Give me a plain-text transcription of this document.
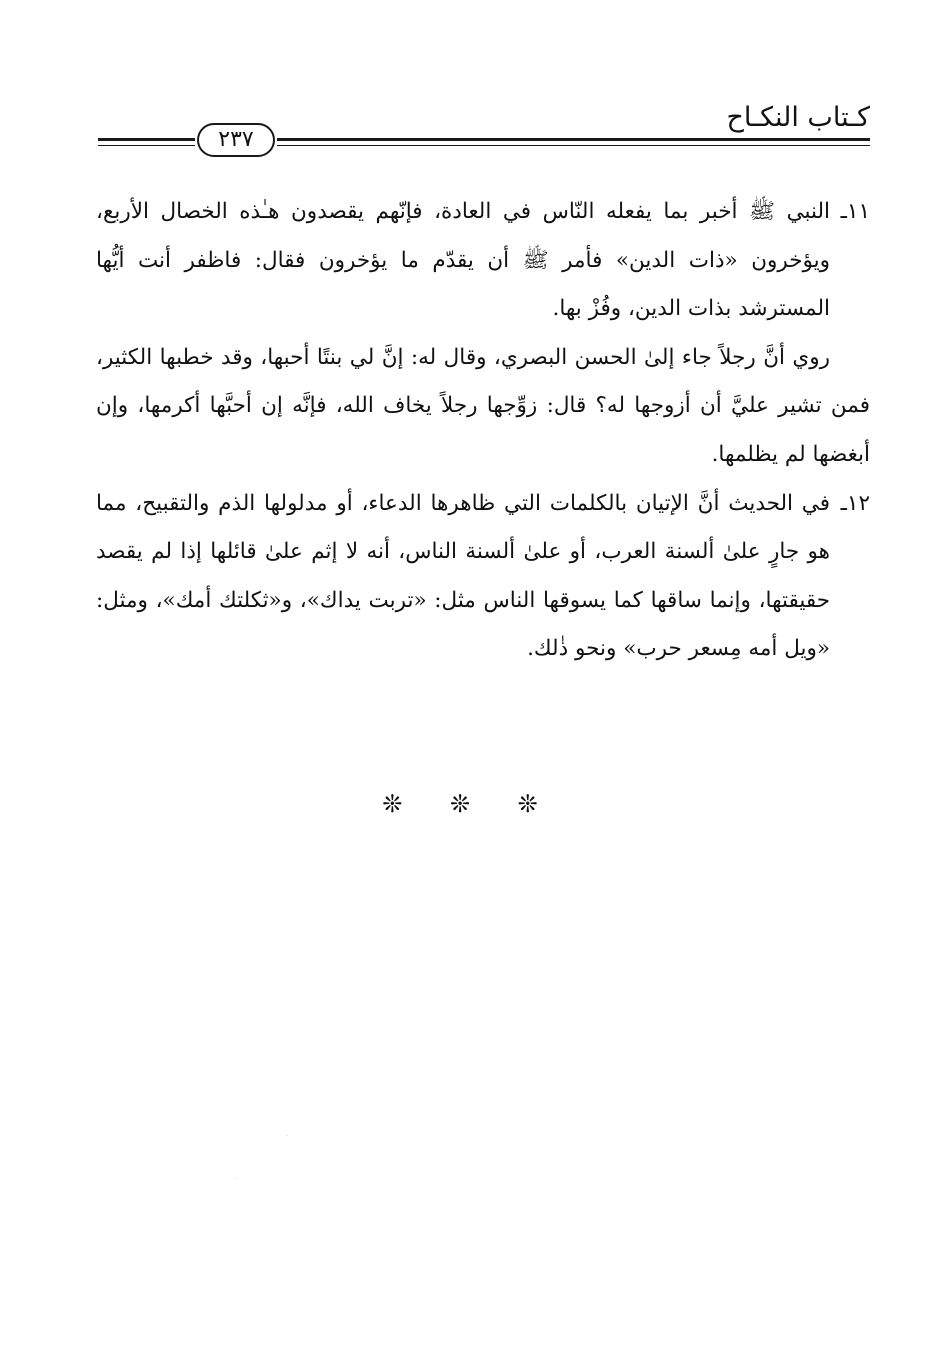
كـتاب النكـاح
٢٣٧

١١ـ
النبي ﷺ أخبر بما يفعله النّاس في العادة، فإنّهم يقصدون هـٰذه الخصال الأربع، ويؤخرون «ذات الدين» فأمر ﷺ أن يقدّم ما يؤخرون فقال: فاظفر أنت أيُّها المسترشد بذات الدين، وفُزْ بها.

روي أنَّ رجلاً جاء إلىٰ الحسن البصري، وقال له: إنَّ لي بنتًا أحبها، وقد خطبها الكثير، فمن تشير عليَّ أن أزوجها له؟ قال: زوِّجها رجلاً يخاف الله، فإنَّه إن أحبَّها أكرمها، وإن أبغضها لم يظلمها.

١٢ـ
في الحديث أنَّ الإتيان بالكلمات التي ظاهرها الدعاء، أو مدلولها الذم والتقبيح، مما هو جارٍ علىٰ ألسنة العرب، أو علىٰ ألسنة الناس، أنه لا إثم علىٰ قائلها إذا لم يقصد حقيقتها، وإنما ساقها كما يسوقها الناس مثل: «تربت يداك»، و«ثكلتك أمك»، ومثل: «ويل أمه مِسعر حرب» ونحو ذٰلك.

❊ ❊ ❊
